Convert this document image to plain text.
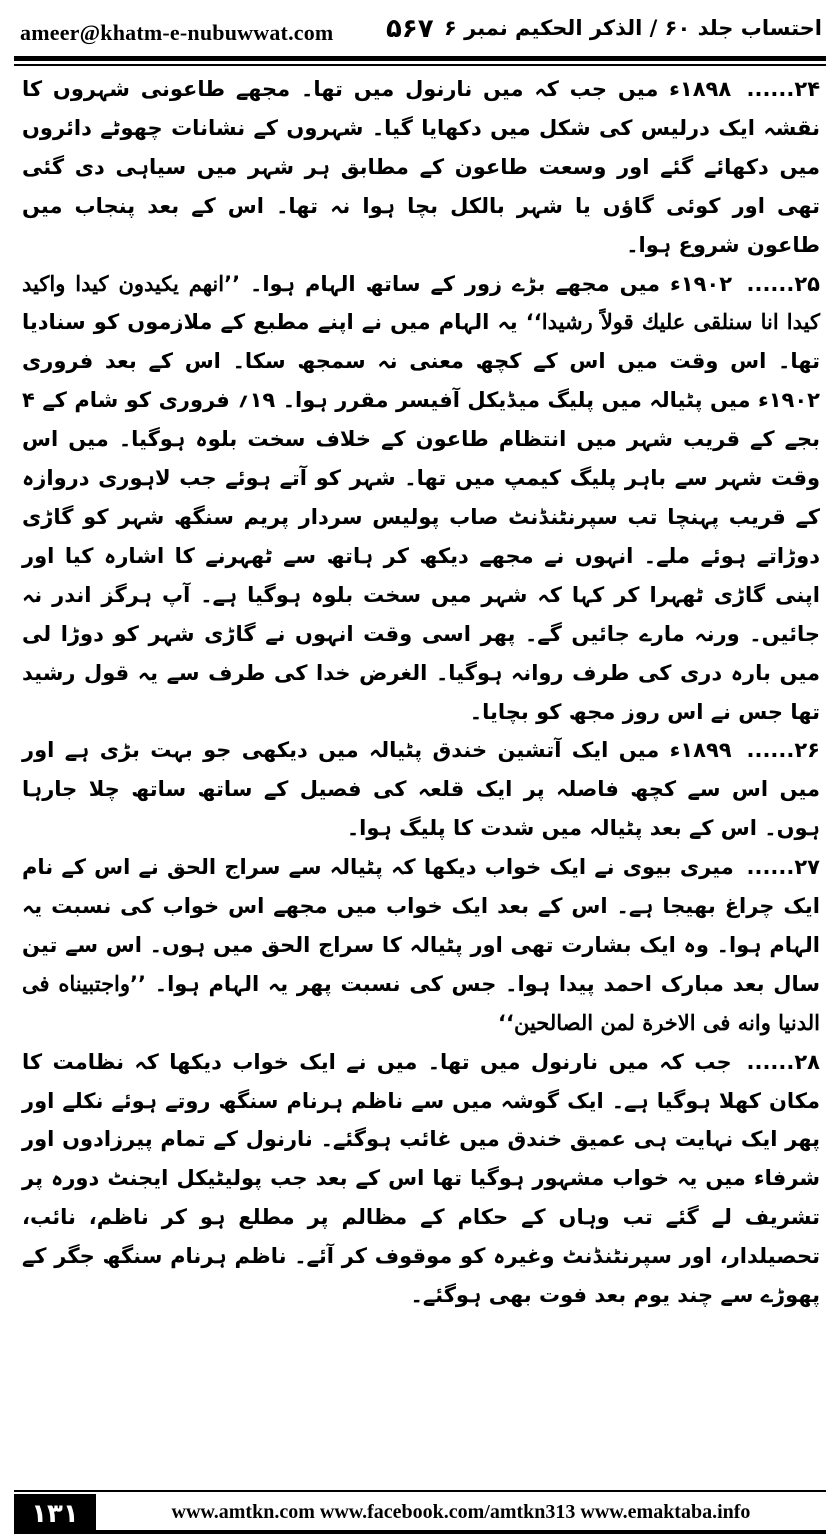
ameer@khatm-e-nubuwwat.com ۵۶۷ احتساب جلد ۶۰ / الذکر الحکیم نمبر ۶

۲۴...... ۱۸۹۸ء میں جب کہ میں نارنول میں تھا۔ مجھے طاعونی شہروں کا نقشہ ایک درلیس کی شکل میں دکھایا گیا۔ شہروں کے نشانات چھوٹے دائروں میں دکھائے گئے اور وسعت طاعون کے مطابق ہر شہر میں سیاہی دی گئی تھی اور کوئی گاؤں یا شہر بالکل بچا ہوا نہ تھا۔ اس کے بعد پنجاب میں طاعون شروع ہوا۔

۲۵...... ۱۹۰۲ء میں مجھے بڑے زور کے ساتھ الہام ہوا۔ ’’انهم یکیدون کیدا واکید کیدا انا سنلقی علیك قولاً رشیدا‘‘ یہ الہام میں نے اپنے مطبع کے ملازموں کو سنادیا تھا۔ اس وقت میں اس کے کچھ معنی نہ سمجھ سکا۔ اس کے بعد فروری ۱۹۰۲ء میں پٹیالہ میں پلیگ میڈیکل آفیسر مقرر ہوا۔ ۱۹؍ فروری کو شام کے ۴ بجے کے قریب شہر میں انتظام طاعون کے خلاف سخت بلوہ ہوگیا۔ میں اس وقت شہر سے باہر پلیگ کیمپ میں تھا۔ شہر کو آتے ہوئے جب لاہوری دروازہ کے قریب پہنچا تب سپرنٹنڈنٹ صاب پولیس سردار پریم سنگھ شہر کو گاڑی دوڑاتے ہوئے ملے۔ انہوں نے مجھے دیکھ کر ہاتھ سے ٹھہرنے کا اشارہ کیا اور اپنی گاڑی ٹھہرا کر کہا کہ شہر میں سخت بلوہ ہوگیا ہے۔ آپ ہرگز اندر نہ جائیں۔ ورنہ مارے جائیں گے۔ پھر اسی وقت انہوں نے گاڑی شہر کو دوڑا لی میں بارہ دری کی طرف روانہ ہوگیا۔ الغرض خدا کی طرف سے یہ قول رشید تھا جس نے اس روز مجھ کو بچایا۔

۲۶...... ۱۸۹۹ء میں ایک آتشین خندق پٹیالہ میں دیکھی جو بہت بڑی ہے اور میں اس سے کچھ فاصلہ پر ایک قلعہ کی فصیل کے ساتھ ساتھ چلا جارہا ہوں۔ اس کے بعد پٹیالہ میں شدت کا پلیگ ہوا۔

۲۷...... میری بیوی نے ایک خواب دیکھا کہ پٹیالہ سے سراج الحق نے اس کے نام ایک چراغ بھیجا ہے۔ اس کے بعد ایک خواب میں مجھے اس خواب کی نسبت یہ الہام ہوا۔ وہ ایک بشارت تھی اور پٹیالہ کا سراج الحق میں ہوں۔ اس سے تین سال بعد مبارک احمد پیدا ہوا۔ جس کی نسبت پھر یہ الہام ہوا۔ ’’واجتبیناه فی الدنیا وانه فی الاخرة لمن الصالحین‘‘

۲۸...... جب کہ میں نارنول میں تھا۔ میں نے ایک خواب دیکھا کہ نظامت کا مکان کھلا ہوگیا ہے۔ ایک گوشہ میں سے ناظم ہرنام سنگھ روتے ہوئے نکلے اور پھر ایک نہایت ہی عمیق خندق میں غائب ہوگئے۔ نارنول کے تمام پیرزادوں اور شرفاء میں یہ خواب مشہور ہوگیا تھا اس کے بعد جب پولیٹیکل ایجنٹ دورہ پر تشریف لے گئے تب وہاں کے حکام کے مظالم پر مطلع ہو کر ناظم، نائب، تحصیلدار، اور سپرنٹنڈنٹ وغیرہ کو موقوف کر آئے۔ ناظم ہرنام سنگھ جگر کے پھوڑے سے چند یوم بعد فوت بھی ہوگئے۔

۱۳۱	www.amtkn.com www.facebook.com/amtkn313 www.emaktaba.info
